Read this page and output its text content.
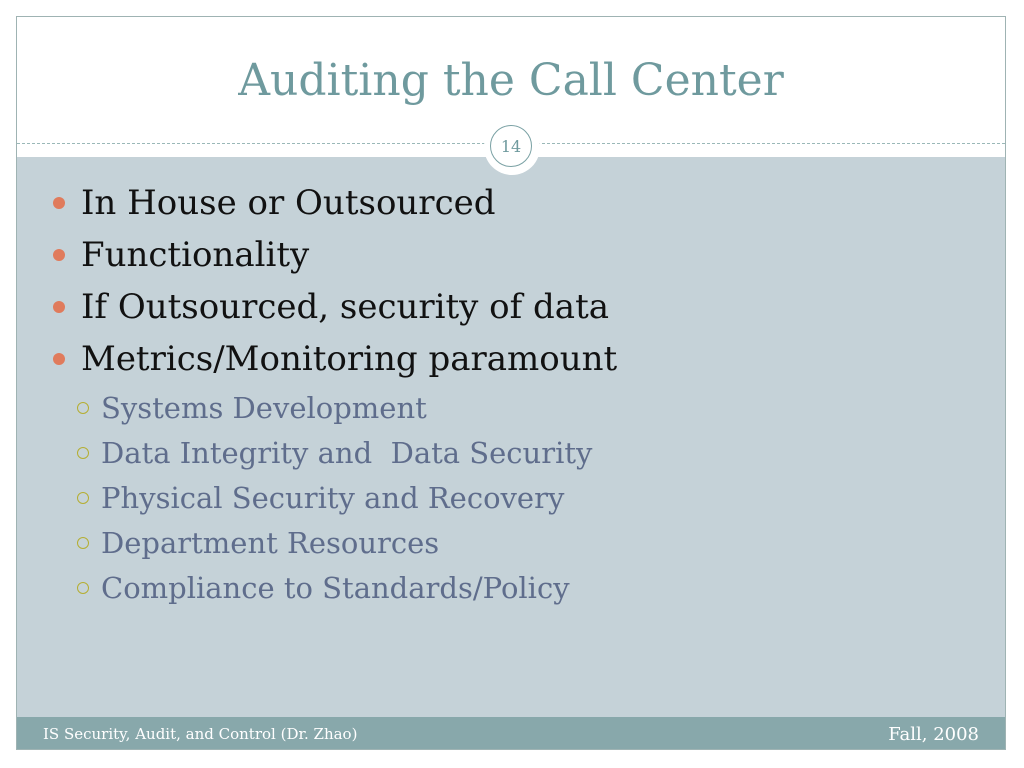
Auditing the Call Center
14
In House or Outsourced
Functionality
If Outsourced, security of data
Metrics/Monitoring paramount
Systems Development
Data Integrity and  Data Security
Physical Security and Recovery
Department Resources
Compliance to Standards/Policy
IS Security, Audit, and Control (Dr. Zhao)	Fall, 2008
